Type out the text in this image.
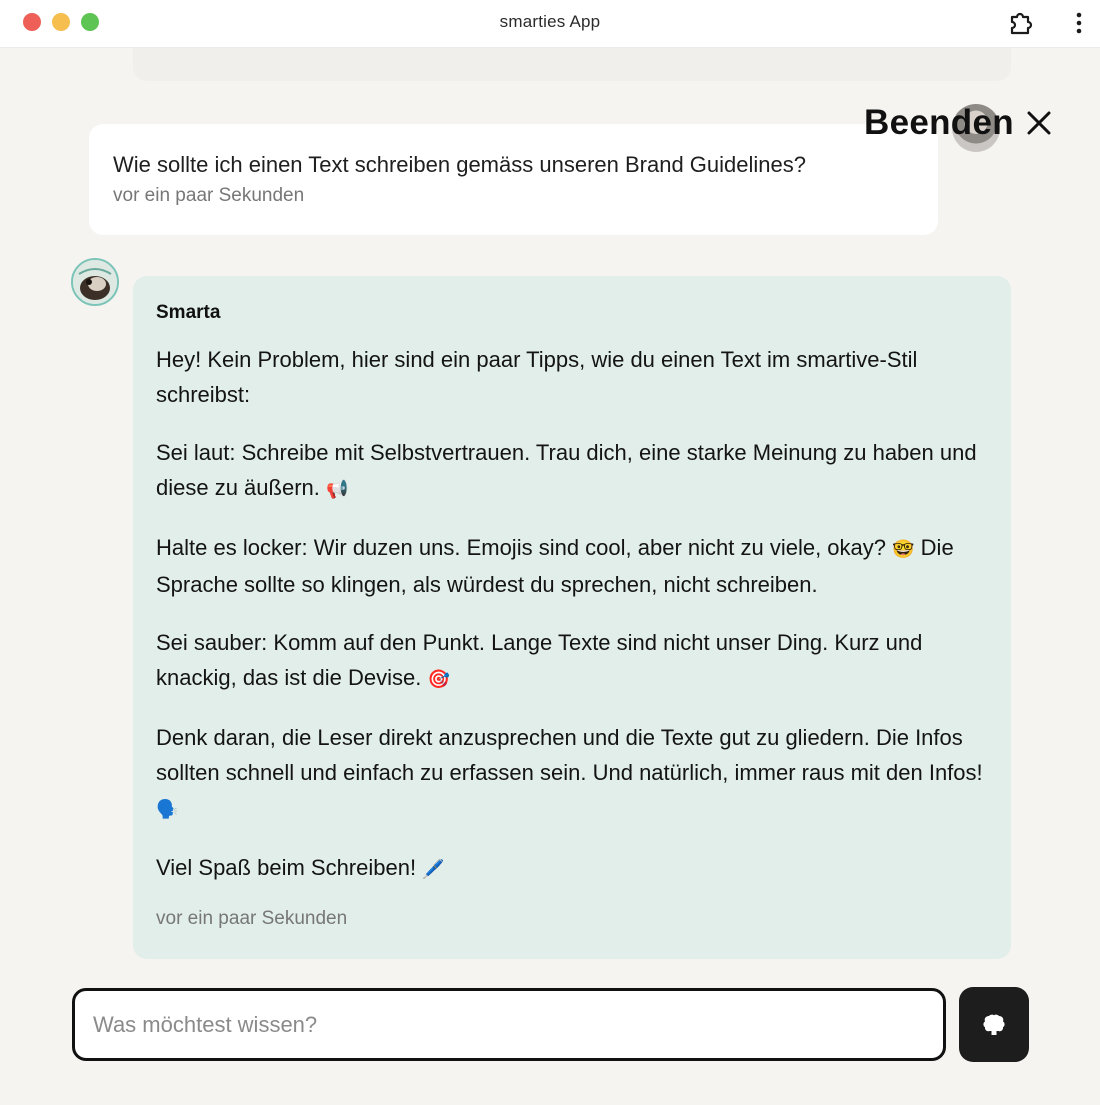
smarties App
Wie sollte ich einen Text schreiben gemäss unseren Brand Guidelines?
vor ein paar Sekunden
Beenden
Smarta

Hey! Kein Problem, hier sind ein paar Tipps, wie du einen Text im smartive-Stil schreibst:

Sei laut: Schreibe mit Selbstvertrauen. Trau dich, eine starke Meinung zu haben und diese zu äußern. 📢

Halte es locker: Wir duzen uns. Emojis sind cool, aber nicht zu viele, okay? 🤓 Die Sprache sollte so klingen, als würdest du sprechen, nicht schreiben.

Sei sauber: Komm auf den Punkt. Lange Texte sind nicht unser Ding. Kurz und knackig, das ist die Devise. 🎯

Denk daran, die Leser direkt anzusprechen und die Texte gut zu gliedern. Die Infos sollten schnell und einfach zu erfassen sein. Und natürlich, immer raus mit den Infos! 🗣️

Viel Spaß beim Schreiben! 🖊️

vor ein paar Sekunden
Was möchtest wissen?
